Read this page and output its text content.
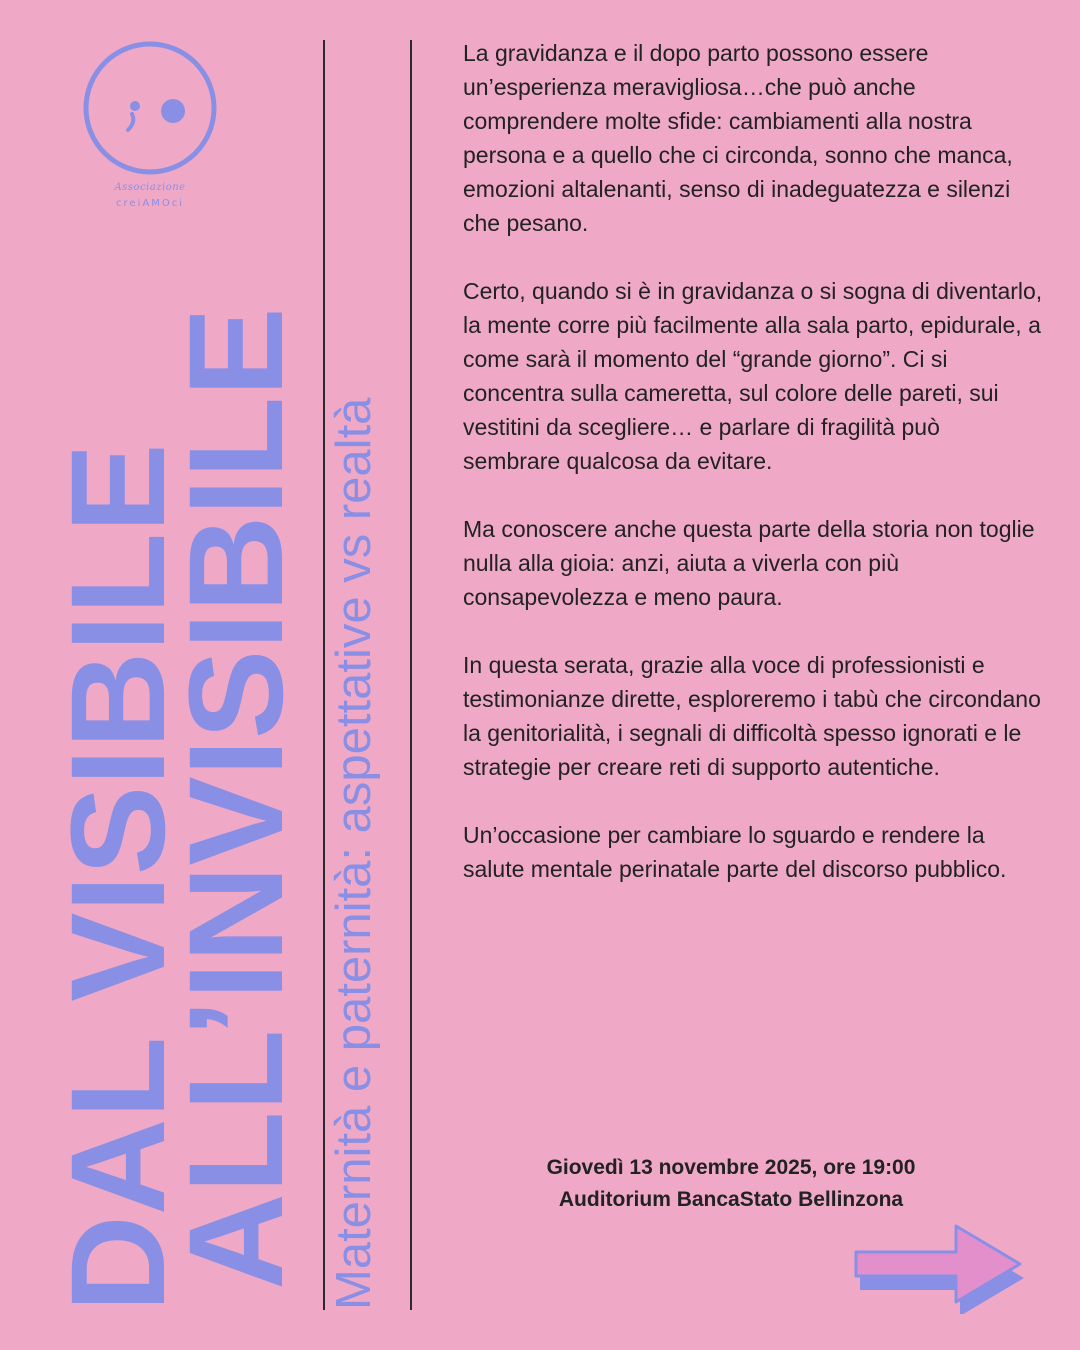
Associazione
creiAMOci
DAL VISIBILE
ALL’INVISIBILE Maternità e paternità: aspettative vs realtà

La gravidanza e il dopo parto possono essere un’esperienza meravigliosa…che può anche comprendere molte sfide: cambiamenti alla nostra persona e a quello che ci circonda, sonno che manca, emozioni altalenanti, senso di inadeguatezza e silenzi che pesano.

Certo, quando si è in gravidanza o si sogna di diventarlo, la mente corre più facilmente alla sala parto, epidurale, a come sarà il momento del “grande giorno”. Ci si concentra sulla cameretta, sul colore delle pareti, sui vestitini da scegliere… e parlare di fragilità può sembrare qualcosa da evitare.

Ma conoscere anche questa parte della storia non toglie nulla alla gioia: anzi, aiuta a viverla con più consapevolezza e meno paura.

In questa serata, grazie alla voce di professionisti e testimonianze dirette, esploreremo i tabù che circondano la genitorialità, i segnali di difficoltà spesso ignorati e le strategie per creare reti di supporto autentiche.

Un’occasione per cambiare lo sguardo e rendere la salute mentale perinatale parte del discorso pubblico.

Giovedì 13 novembre 2025, ore 19:00
Auditorium BancaStato Bellinzona
